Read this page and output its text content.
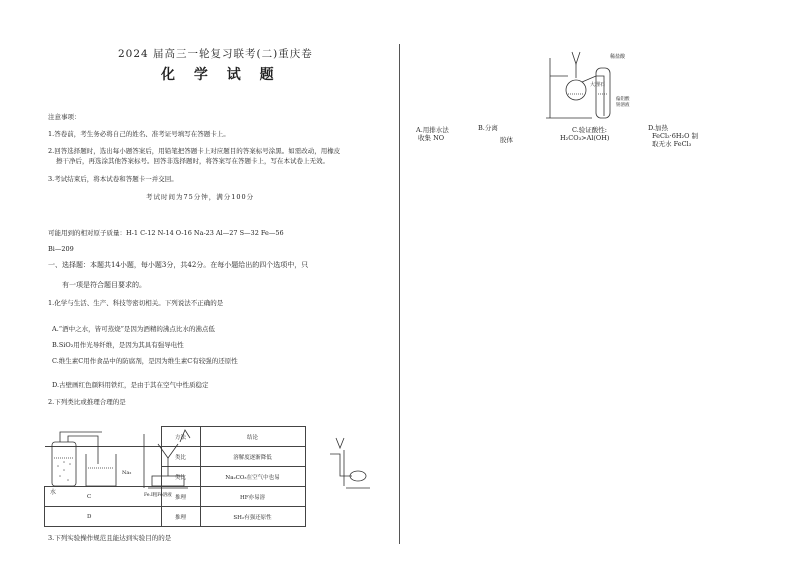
2024 届高三一轮复习联考(二)重庆卷
化 学 试 题
注意事项：
1.答卷前，考生务必将自己的姓名、准考证号填写在答题卡上。
2.回答选择题时，选出每小题答案后，用铅笔把答题卡上对应题目的答案标号涂黑。如需改动，用橡皮
擦干净后，再选涂其他答案标号。回答非选择题时，将答案写在答题卡上，写在本试卷上无效。
3.考试结束后，将本试卷和答题卡一并交回。
考试时间为75分钟，满分100分
可能用到的相对原子质量：H-1 C-12 N-14 O-16 Na-23 Al—27 S—32 Fe—56
Bi—209
一、选择题：本题共14小题，每小题3分，共42分。在每小题给出的四个选项中，只
有一项是符合题目要求的。
1.化学与生活、生产、科技等密切相关。下列说法不正确的是
A.“酒中之水，皆可蒸烧”是因为酒精的沸点比水的沸点低
B.SiO₂用作光导纤维，是因为其具有强导电性
C.维生素C用作食品中的防腐剂，是因为维生素C有较强的还原性
D.古壁画红色颜料用铁红，是由于其在空气中性质稳定
2.下列类比或推理合理的是
	方法	结论
	类比	溶解度逐渐降低
	类比	Na₂CO₃在空气中也易
C	推理	HF亦易溶
D	推理	SH₂有强还原性
水
Na₂
Fe.I粗Fe溶液
3.下列实验操作规范且能达到实验目的的是
稀盐酸
大理石
偏铝酸
钠溶液
A.用排水法
收集 NO
B.分离
胶体
C.验证酸性:
H₂CO₃>Al(OH)
D.加热
FeCl₃·6H₂O 制
取无水 FeCl₃
